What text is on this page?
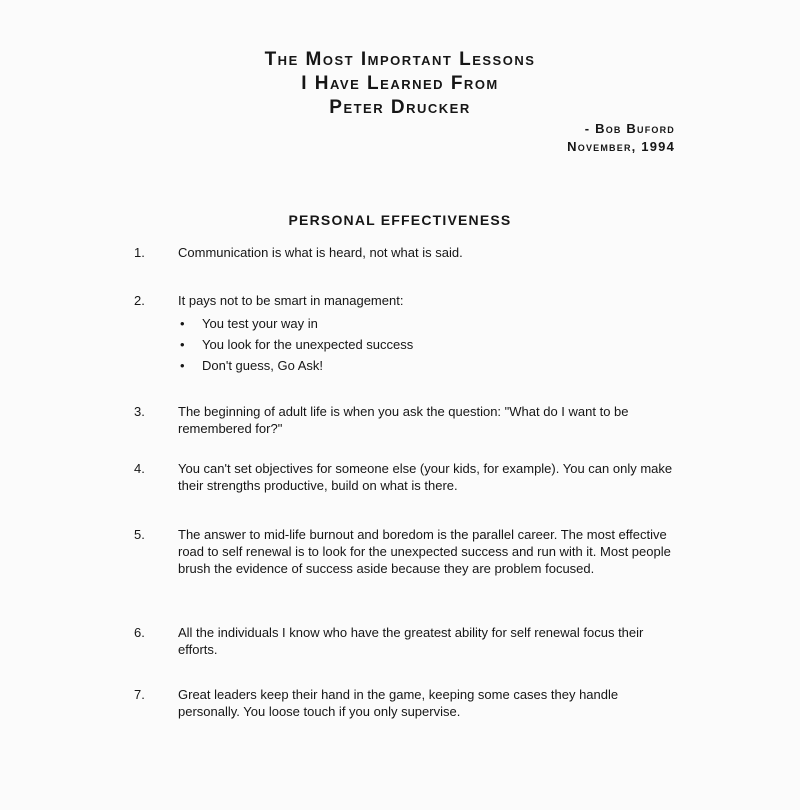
The Most Important Lessons
I Have Learned From
Peter Drucker
- Bob Buford
November, 1994
PERSONAL EFFECTIVENESS
1.	Communication is what is heard, not what is said.
2.	It pays not to be smart in management:
• You test your way in
• You look for the unexpected success
• Don't guess, Go Ask!
3.	The beginning of adult life is when you ask the question: "What do I want to be remembered for?"
4.	You can't set objectives for someone else (your kids, for example). You can only make their strengths productive, build on what is there.
5.	The answer to mid-life burnout and boredom is the parallel career. The most effective road to self renewal is to look for the unexpected success and run with it. Most people brush the evidence of success aside because they are problem focused.
6.	All the individuals I know who have the greatest ability for self renewal focus their efforts.
7.	Great leaders keep their hand in the game, keeping some cases they handle personally. You loose touch if you only supervise.
